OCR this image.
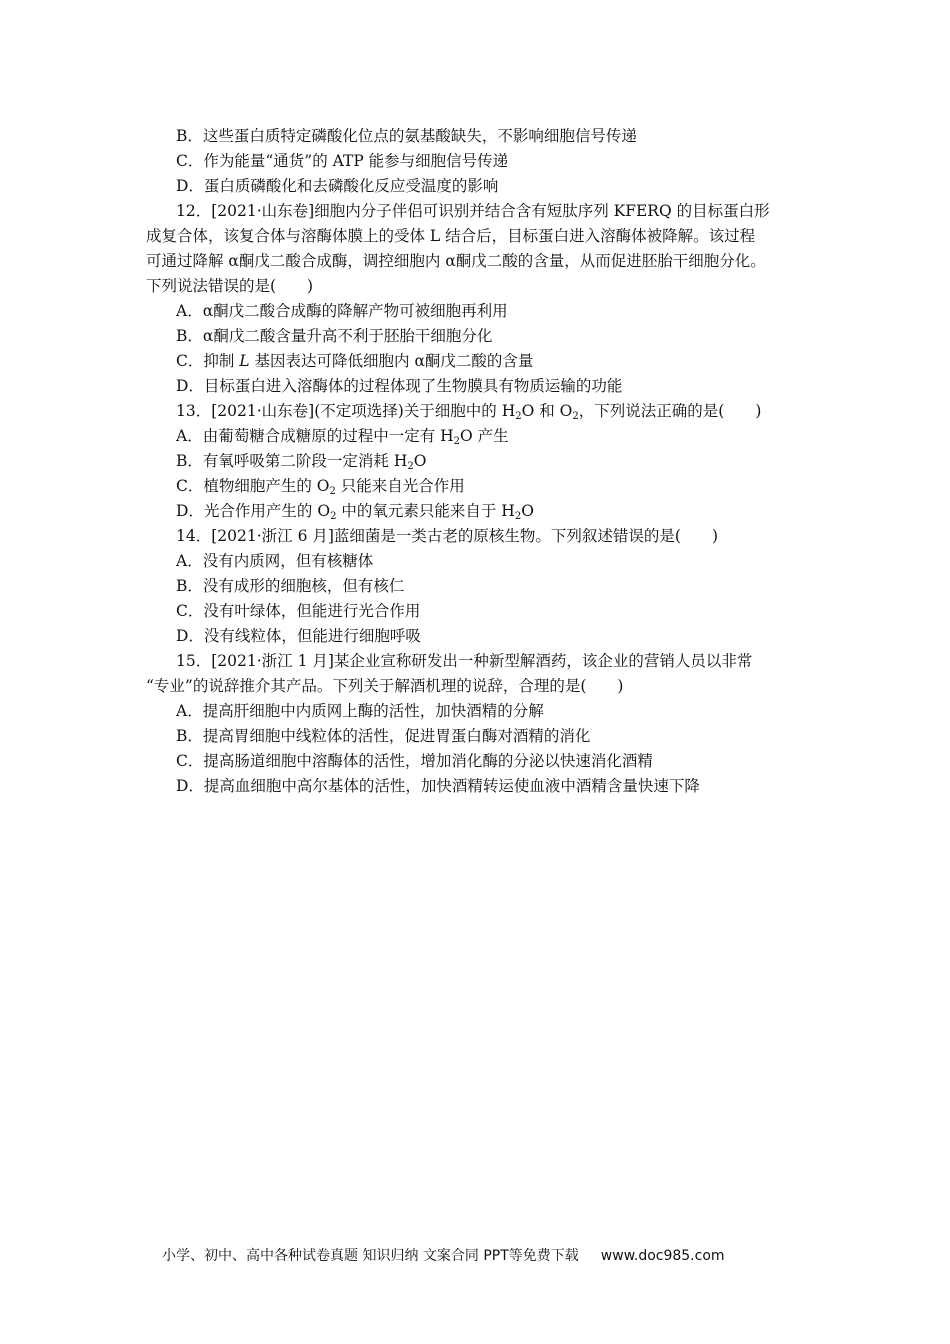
B．这些蛋白质特定磷酸化位点的氨基酸缺失，不影响细胞信号传递
C．作为能量“通货”的 ATP 能参与细胞信号传递
D．蛋白质磷酸化和去磷酸化反应受温度的影响
12．[2021·山东卷]细胞内分子伴侣可识别并结合含有短肽序列 KFERQ 的目标蛋白形
成复合体，该复合体与溶酶体膜上的受体 L 结合后，目标蛋白进入溶酶体被降解。该过程
可通过降解 α酮戊二酸合成酶，调控细胞内 α酮戊二酸的含量，从而促进胚胎干细胞分化。
下列说法错误的是(　　)
A．α酮戊二酸合成酶的降解产物可被细胞再利用
B．α酮戊二酸含量升高不利于胚胎干细胞分化
C．抑制 L 基因表达可降低细胞内 α酮戊二酸的含量
D．目标蛋白进入溶酶体的过程体现了生物膜具有物质运输的功能
13．[2021·山东卷](不定项选择)关于细胞中的 $H_2O$ 和 $O_2$，下列说法正确的是(　　)
A．由葡萄糖合成糖原的过程中一定有 $H_2O$ 产生
B．有氧呼吸第二阶段一定消耗 $H_2O$
C．植物细胞产生的 $O_2$ 只能来自光合作用
D．光合作用产生的 $O_2$ 中的氧元素只能来自于 $H_2O$
14．[2021·浙江 6 月]蓝细菌是一类古老的原核生物。下列叙述错误的是(　　)
A．没有内质网，但有核糖体
B．没有成形的细胞核，但有核仁
C．没有叶绿体，但能进行光合作用
D．没有线粒体，但能进行细胞呼吸
15．[2021·浙江 1 月]某企业宣称研发出一种新型解酒药，该企业的营销人员以非常
“专业”的说辞推介其产品。下列关于解酒机理的说辞，合理的是(　　)
A．提高肝细胞中内质网上酶的活性，加快酒精的分解
B．提高胃细胞中线粒体的活性，促进胃蛋白酶对酒精的消化
C．提高肠道细胞中溶酶体的活性，增加消化酶的分泌以快速消化酒精
D．提高血细胞中高尔基体的活性，加快酒精转运使血液中酒精含量快速下降
小学、初中、高中各种试卷真题 知识归纳 文案合同 PPT等免费下载 www.doc985.com
